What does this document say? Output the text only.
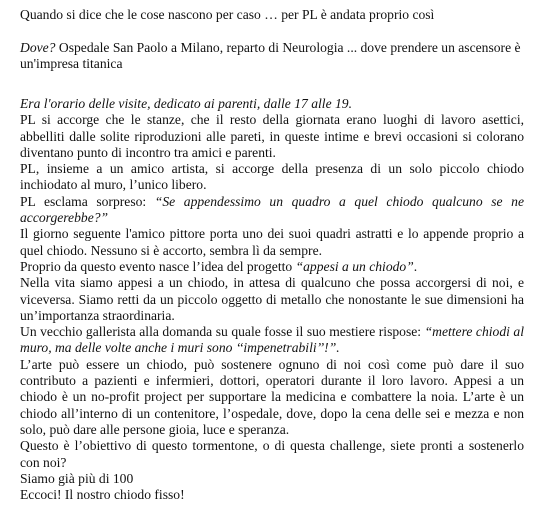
Quando si dice che le cose nascono per caso … per PL è andata proprio così

Dove? Ospedale San Paolo a Milano, reparto di Neurologia ... dove prendere un ascensore è un'impresa titanica

Era l'orario delle visite, dedicato ai parenti, dalle 17 alle 19.

PL si accorge che le stanze, che il resto della giornata erano luoghi di lavoro asettici, abbelliti dalle solite riproduzioni alle pareti, in queste intime e brevi occasioni si colorano diventano punto di incontro tra amici e parenti.

PL, insieme a un amico artista, si accorge della presenza di un solo piccolo chiodo inchiodato al muro, l’unico libero.

PL esclama sorpreso: “Se appendessimo un quadro a quel chiodo qualcuno se ne accorgerebbe?”

Il giorno seguente l'amico pittore porta uno dei suoi quadri astratti e lo appende proprio a quel chiodo. Nessuno si è accorto, sembra lì da sempre.

Proprio da questo evento nasce l’idea del progetto “appesi a un chiodo”.

Nella vita siamo appesi a un chiodo, in attesa di qualcuno che possa accorgersi di noi, e viceversa. Siamo retti da un piccolo oggetto di metallo che nonostante le sue dimensioni ha un’importanza straordinaria.

Un vecchio gallerista alla domanda su quale fosse il suo mestiere rispose: “mettere chiodi al muro, ma delle volte anche i muri sono ‘‘impenetrabili’’!”.

L’arte può essere un chiodo, può sostenere ognuno di noi così come può dare il suo contributo a pazienti e infermieri, dottori, operatori durante il loro lavoro. Appesi a un chiodo è un no-profit project per supportare la medicina e combattere la noia. L’arte è un chiodo all’interno di un contenitore, l’ospedale, dove, dopo la cena delle sei e mezza e non solo, può dare alle persone gioia, luce e speranza.

Questo è l’obiettivo di questo tormentone, o di questa challenge, siete pronti a sostenerlo con noi?

Siamo già più di 100

Eccoci! Il nostro chiodo fisso!
